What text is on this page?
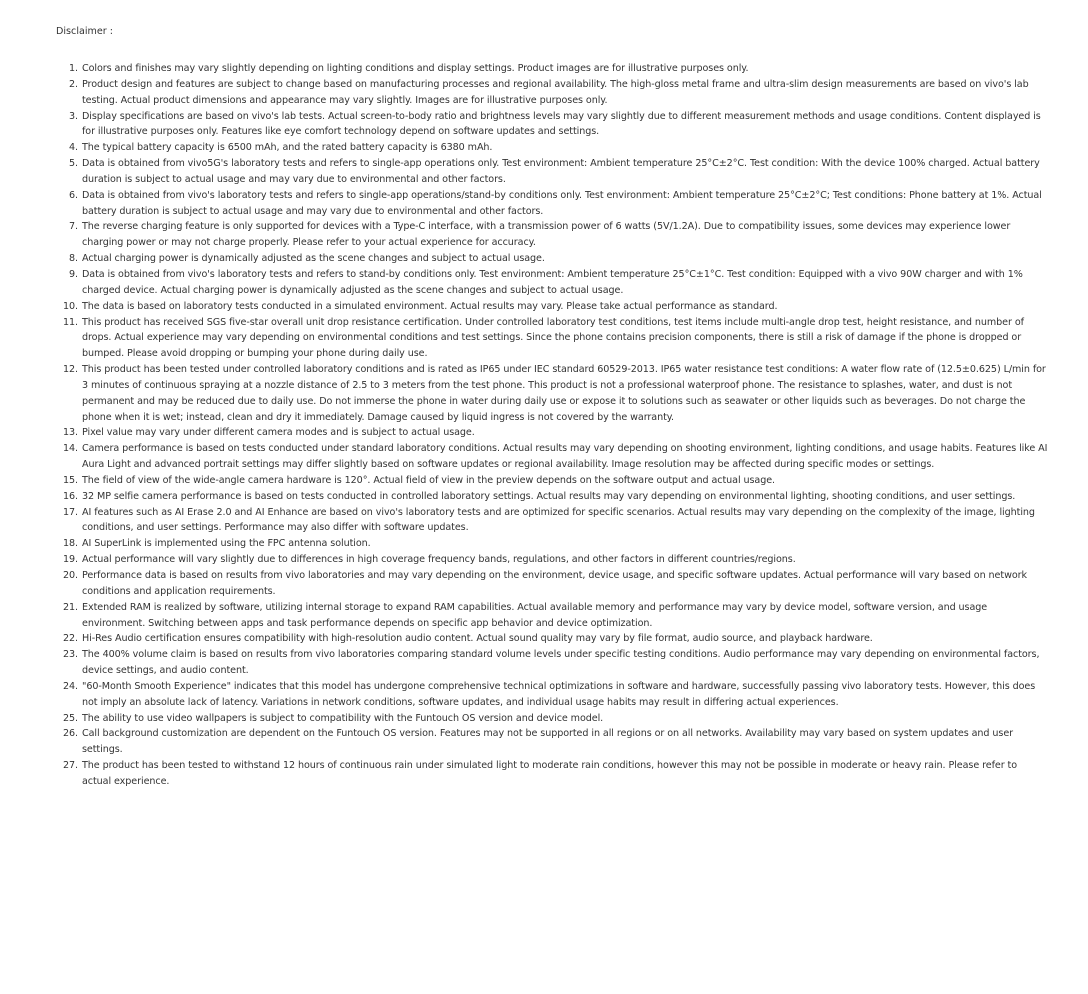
Disclaimer :
1. Colors and finishes may vary slightly depending on lighting conditions and display settings. Product images are for illustrative purposes only.
2. Product design and features are subject to change based on manufacturing processes and regional availability. The high-gloss metal frame and ultra-slim design measurements are based on vivo's lab testing. Actual product dimensions and appearance may vary slightly. Images are for illustrative purposes only.
3. Display specifications are based on vivo's lab tests. Actual screen-to-body ratio and brightness levels may vary slightly due to different measurement methods and usage conditions. Content displayed is for illustrative purposes only. Features like eye comfort technology depend on software updates and settings.
4. The typical battery capacity is 6500 mAh, and the rated battery capacity is 6380 mAh.
5. Data is obtained from vivo5G's laboratory tests and refers to single-app operations only. Test environment: Ambient temperature 25°C±2°C. Test condition: With the device 100% charged. Actual battery duration is subject to actual usage and may vary due to environmental and other factors.
6. Data is obtained from vivo's laboratory tests and refers to single-app operations/stand-by conditions only. Test environment: Ambient temperature 25°C±2°C; Test conditions: Phone battery at 1%. Actual battery duration is subject to actual usage and may vary due to environmental and other factors.
7. The reverse charging feature is only supported for devices with a Type-C interface, with a transmission power of 6 watts (5V/1.2A). Due to compatibility issues, some devices may experience lower charging power or may not charge properly. Please refer to your actual experience for accuracy.
8. Actual charging power is dynamically adjusted as the scene changes and subject to actual usage.
9. Data is obtained from vivo's laboratory tests and refers to stand-by conditions only. Test environment: Ambient temperature 25°C±1°C. Test condition: Equipped with a vivo 90W charger and with 1% charged device. Actual charging power is dynamically adjusted as the scene changes and subject to actual usage.
10. The data is based on laboratory tests conducted in a simulated environment. Actual results may vary. Please take actual performance as standard.
11. This product has received SGS five-star overall unit drop resistance certification. Under controlled laboratory test conditions, test items include multi-angle drop test, height resistance, and number of drops. Actual experience may vary depending on environmental conditions and test settings. Since the phone contains precision components, there is still a risk of damage if the phone is dropped or bumped. Please avoid dropping or bumping your phone during daily use.
12. This product has been tested under controlled laboratory conditions and is rated as IP65 under IEC standard 60529-2013. IP65 water resistance test conditions: A water flow rate of (12.5±0.625) L/min for 3 minutes of continuous spraying at a nozzle distance of 2.5 to 3 meters from the test phone. This product is not a professional waterproof phone. The resistance to splashes, water, and dust is not permanent and may be reduced due to daily use. Do not immerse the phone in water during daily use or expose it to solutions such as seawater or other liquids such as beverages. Do not charge the phone when it is wet; instead, clean and dry it immediately. Damage caused by liquid ingress is not covered by the warranty.
13. Pixel value may vary under different camera modes and is subject to actual usage.
14. Camera performance is based on tests conducted under standard laboratory conditions. Actual results may vary depending on shooting environment, lighting conditions, and usage habits. Features like AI Aura Light and advanced portrait settings may differ slightly based on software updates or regional availability. Image resolution may be affected during specific modes or settings.
15. The field of view of the wide-angle camera hardware is 120°. Actual field of view in the preview depends on the software output and actual usage.
16. 32 MP selfie camera performance is based on tests conducted in controlled laboratory settings. Actual results may vary depending on environmental lighting, shooting conditions, and user settings.
17. AI features such as AI Erase 2.0 and AI Enhance are based on vivo's laboratory tests and are optimized for specific scenarios. Actual results may vary depending on the complexity of the image, lighting conditions, and user settings. Performance may also differ with software updates.
18. AI SuperLink is implemented using the FPC antenna solution.
19. Actual performance will vary slightly due to differences in high coverage frequency bands, regulations, and other factors in different countries/regions.
20. Performance data is based on results from vivo laboratories and may vary depending on the environment, device usage, and specific software updates. Actual performance will vary based on network conditions and application requirements.
21. Extended RAM is realized by software, utilizing internal storage to expand RAM capabilities. Actual available memory and performance may vary by device model, software version, and usage environment. Switching between apps and task performance depends on specific app behavior and device optimization.
22. Hi-Res Audio certification ensures compatibility with high-resolution audio content. Actual sound quality may vary by file format, audio source, and playback hardware.
23. The 400% volume claim is based on results from vivo laboratories comparing standard volume levels under specific testing conditions. Audio performance may vary depending on environmental factors, device settings, and audio content.
24. "60-Month Smooth Experience" indicates that this model has undergone comprehensive technical optimizations in software and hardware, successfully passing vivo laboratory tests. However, this does not imply an absolute lack of latency. Variations in network conditions, software updates, and individual usage habits may result in differing actual experiences.
25. The ability to use video wallpapers is subject to compatibility with the Funtouch OS version and device model.
26. Call background customization are dependent on the Funtouch OS version. Features may not be supported in all regions or on all networks. Availability may vary based on system updates and user settings.
27. The product has been tested to withstand 12 hours of continuous rain under simulated light to moderate rain conditions, however this may not be possible in moderate or heavy rain. Please refer to actual experience.
